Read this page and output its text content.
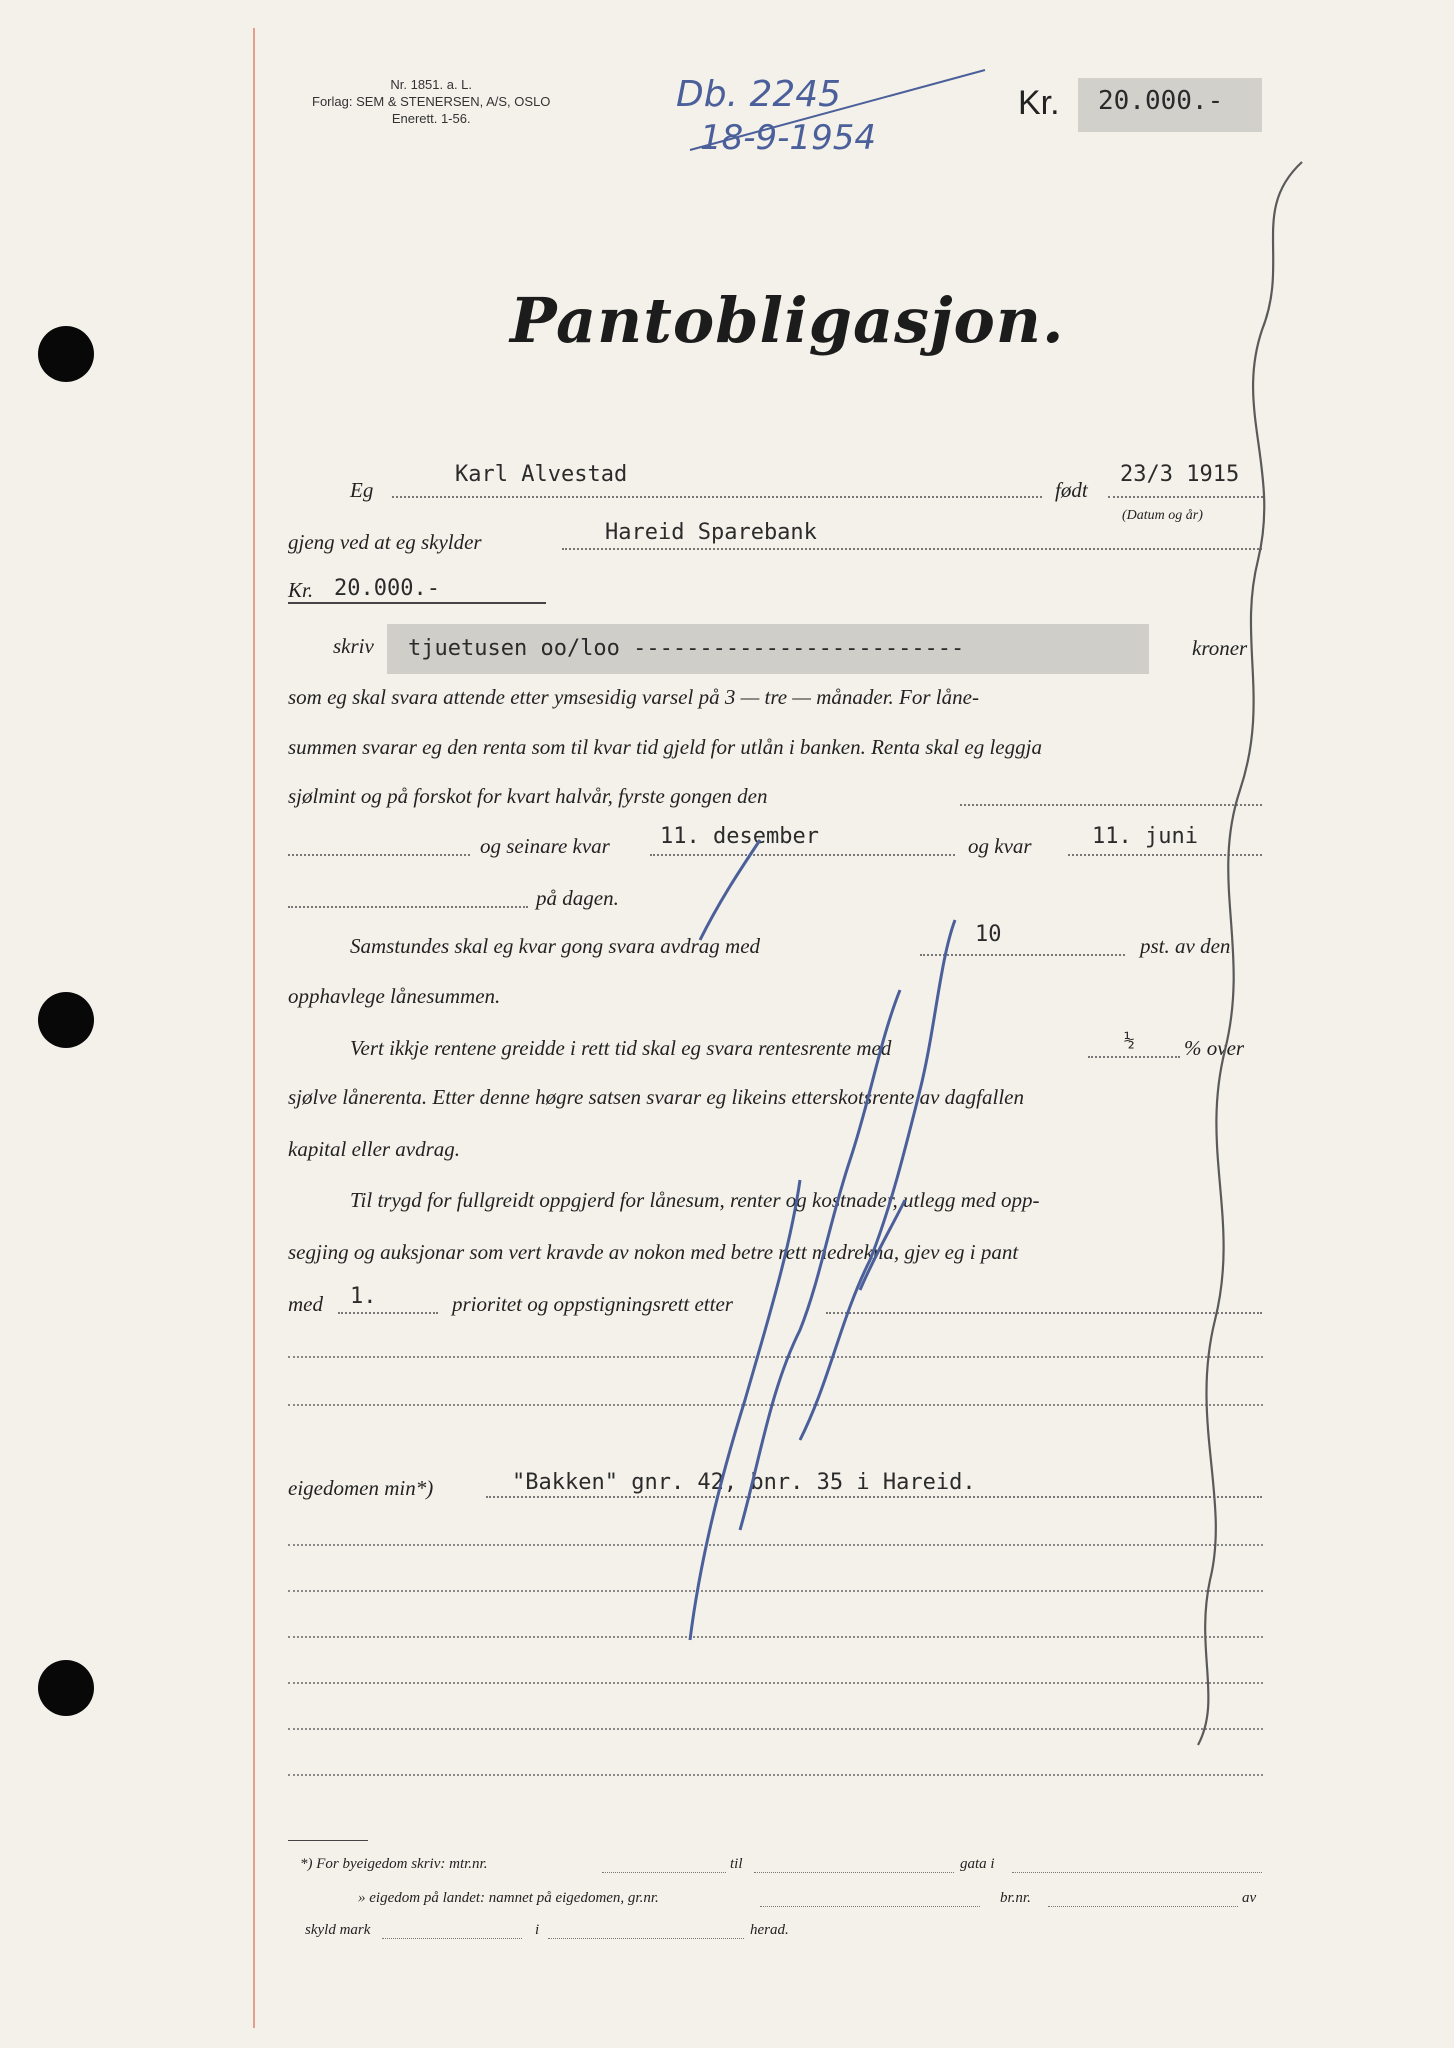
Nr. 1851. a. L.
Forlag: SEM & STENERSEN, A/S, OSLO
Enerett. 1-56.
Db. 2245
18-9-1954
Kr. 20.000.-
Pantobligasjon.
Eg
Karl Alvestad
født
23/3 1915
(Datum og år)
gjeng ved at eg skylder	Hareid Sparebank
Kr. 20.000.-
skriv tjuetusen oo/loo -------------------------	kroner
som eg skal svara attende etter ymsesidig varsel på 3 — tre — månader. For låne-
summen svarar eg den renta som til kvar tid gjeld for utlån i banken. Renta skal eg leggja
sjølmint og på forskot for kvart halvår, fyrste gongen den
og seinare kvar 11. desember	og kvar	11. juni
på dagen.
Samstundes skal eg kvar gong svara avdrag med	10	pst. av den
opphavlege lånesummen.
Vert ikkje rentene greidde i rett tid skal eg svara rentesrente med	½ % over
sjølve lånerenta. Etter denne høgre satsen svarar eg likeins etterskotsrente av dagfallen
kapital eller avdrag.
Til trygd for fullgreidt oppgjerd for lånesum, renter og kostnader, utlegg med opp-
segjing og auksjonar som vert kravde av nokon med betre rett medrekna, gjev eg i pant
med 1.	prioritet og oppstigningsrett etter
eigedomen min*)	"Bakken" gnr. 42, bnr. 35 i Hareid.
*) For byeigedom skriv: mtr.nr.	til	gata i
» eigedom på landet: namnet på eigedomen, gr.nr.	br.nr.	av
skyld mark	i	herad.
